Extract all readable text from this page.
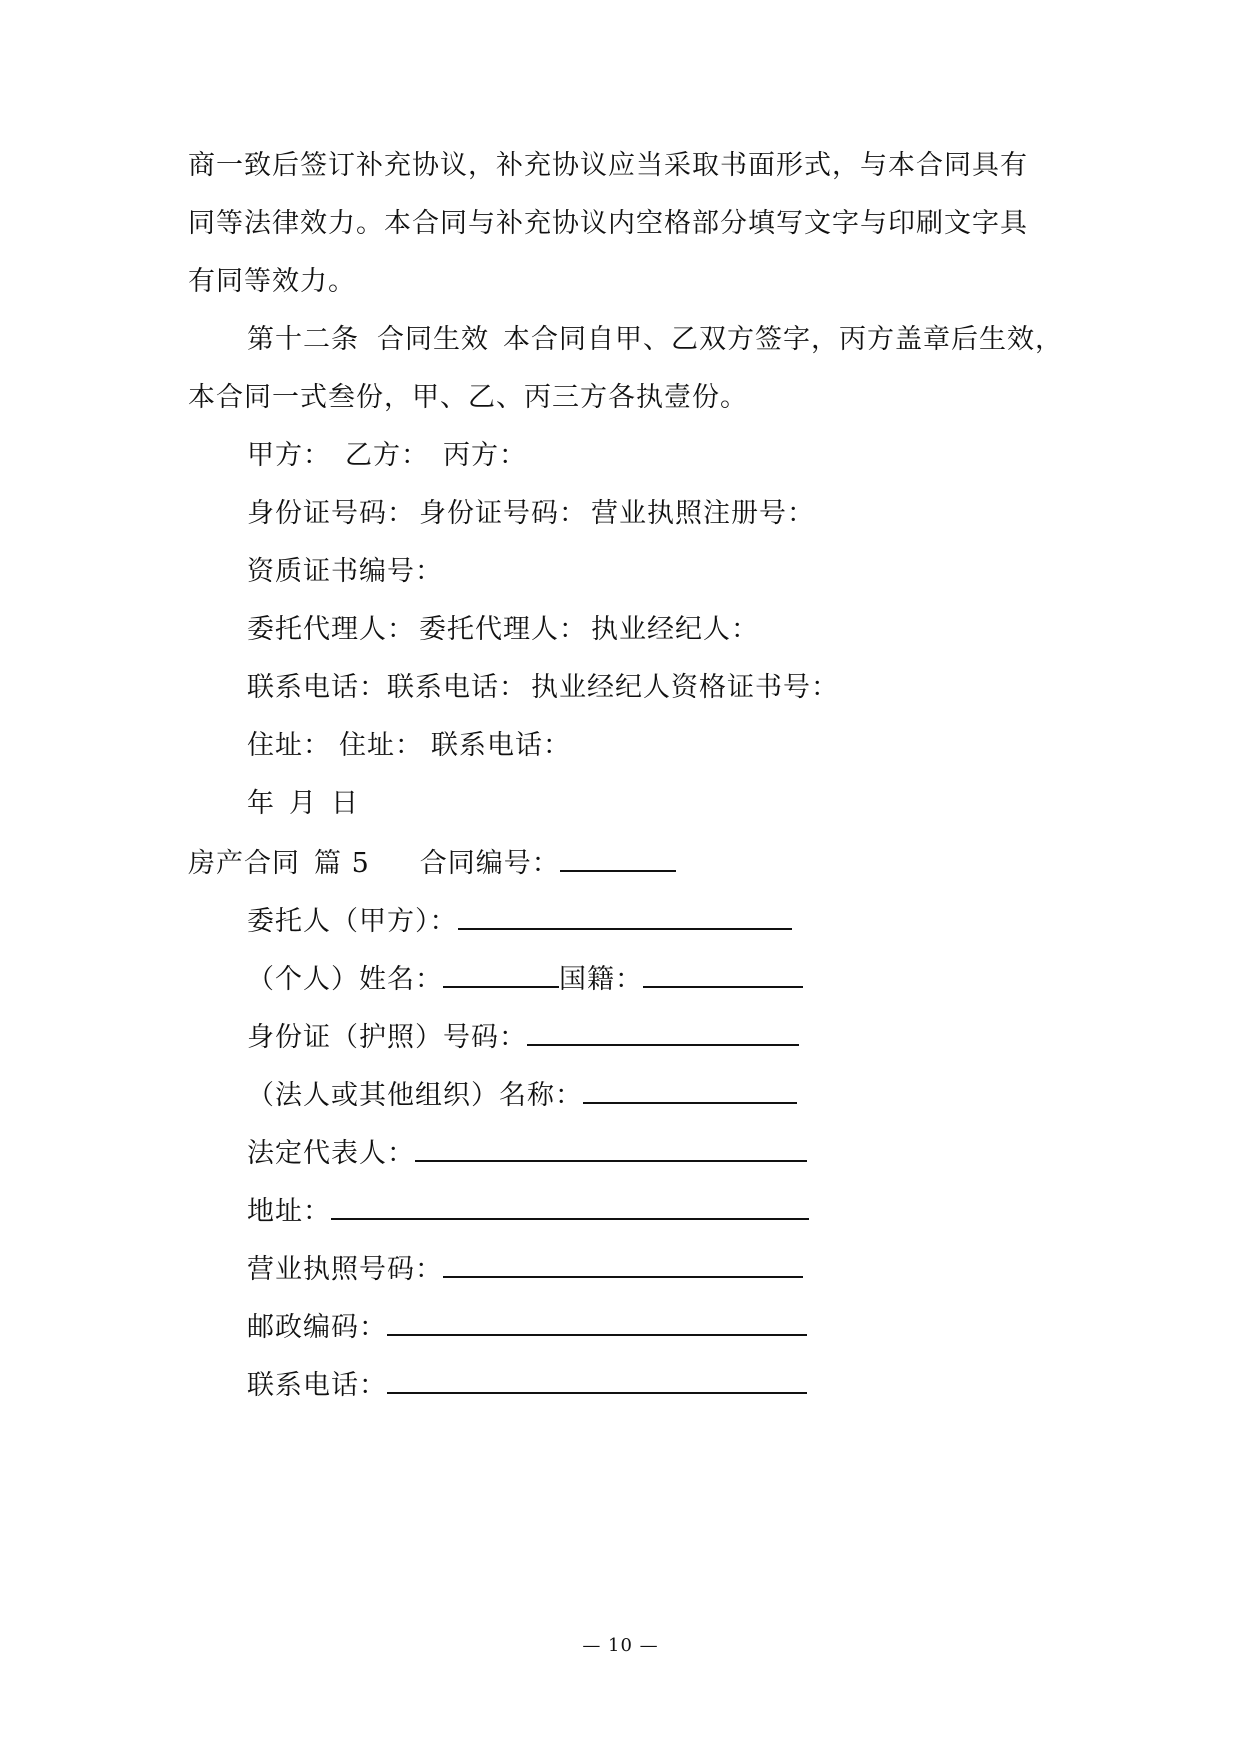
商一致后签订补充协议，补充协议应当采取书面形式，与本合同具有
同等法律效力。本合同与补充协议内空格部分填写文字与印刷文字具
有同等效力。
第十二条 合同生效 本合同自甲、乙双方签字，丙方盖章后生效，
本合同一式叁份，甲、乙、丙三方各执壹份。
甲方： 乙方： 丙方：
身份证号码： 身份证号码： 营业执照注册号：
资质证书编号：
委托代理人： 委托代理人： 执业经纪人：
联系电话：联系电话： 执业经纪人资格证书号：
住址： 住址： 联系电话：
年 月 日
房产合同 篇 5 合同编号：
委托人（甲方）：
（个人）姓名：	国籍：
身份证（护照）号码：
（法人或其他组织）名称：
法定代表人：
地址：
营业执照号码：
邮政编码：
联系电话：
— 10 —
